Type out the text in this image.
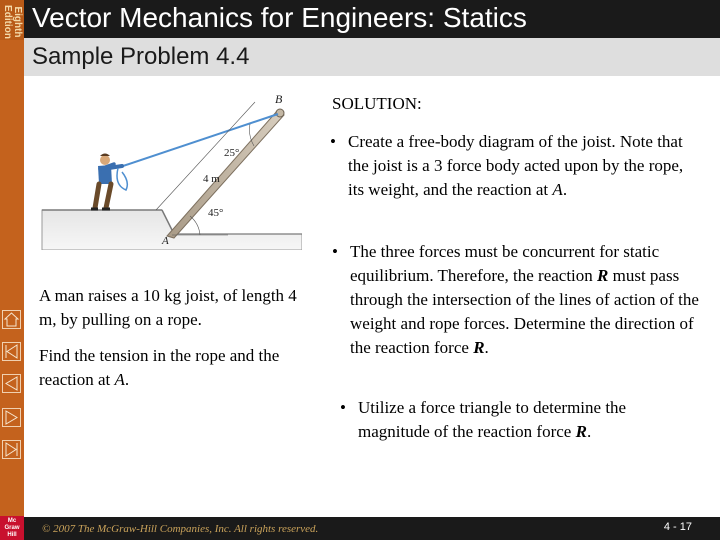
Eighth
Edition
Mc
Graw
Hill
Vector Mechanics for Engineers: Statics
Sample Problem 4.4
B
A
25°
4 m
45°

A man raises a 10 kg joist, of length 4 m, by pulling on a rope.

Find the tension in the rope and the reaction at A.

SOLUTION:
• Create a free-body diagram of the joist. Note that the joist is a 3 force body acted upon by the rope, its weight, and the reaction at A.
• The three forces must be concurrent for static equilibrium. Therefore, the reaction R must pass through the intersection of the lines of action of the weight and rope forces. Determine the direction of the reaction force R.
• Utilize a force triangle to determine the magnitude of the reaction force R.
© 2007 The McGraw-Hill Companies, Inc. All rights reserved.	4 - 17
